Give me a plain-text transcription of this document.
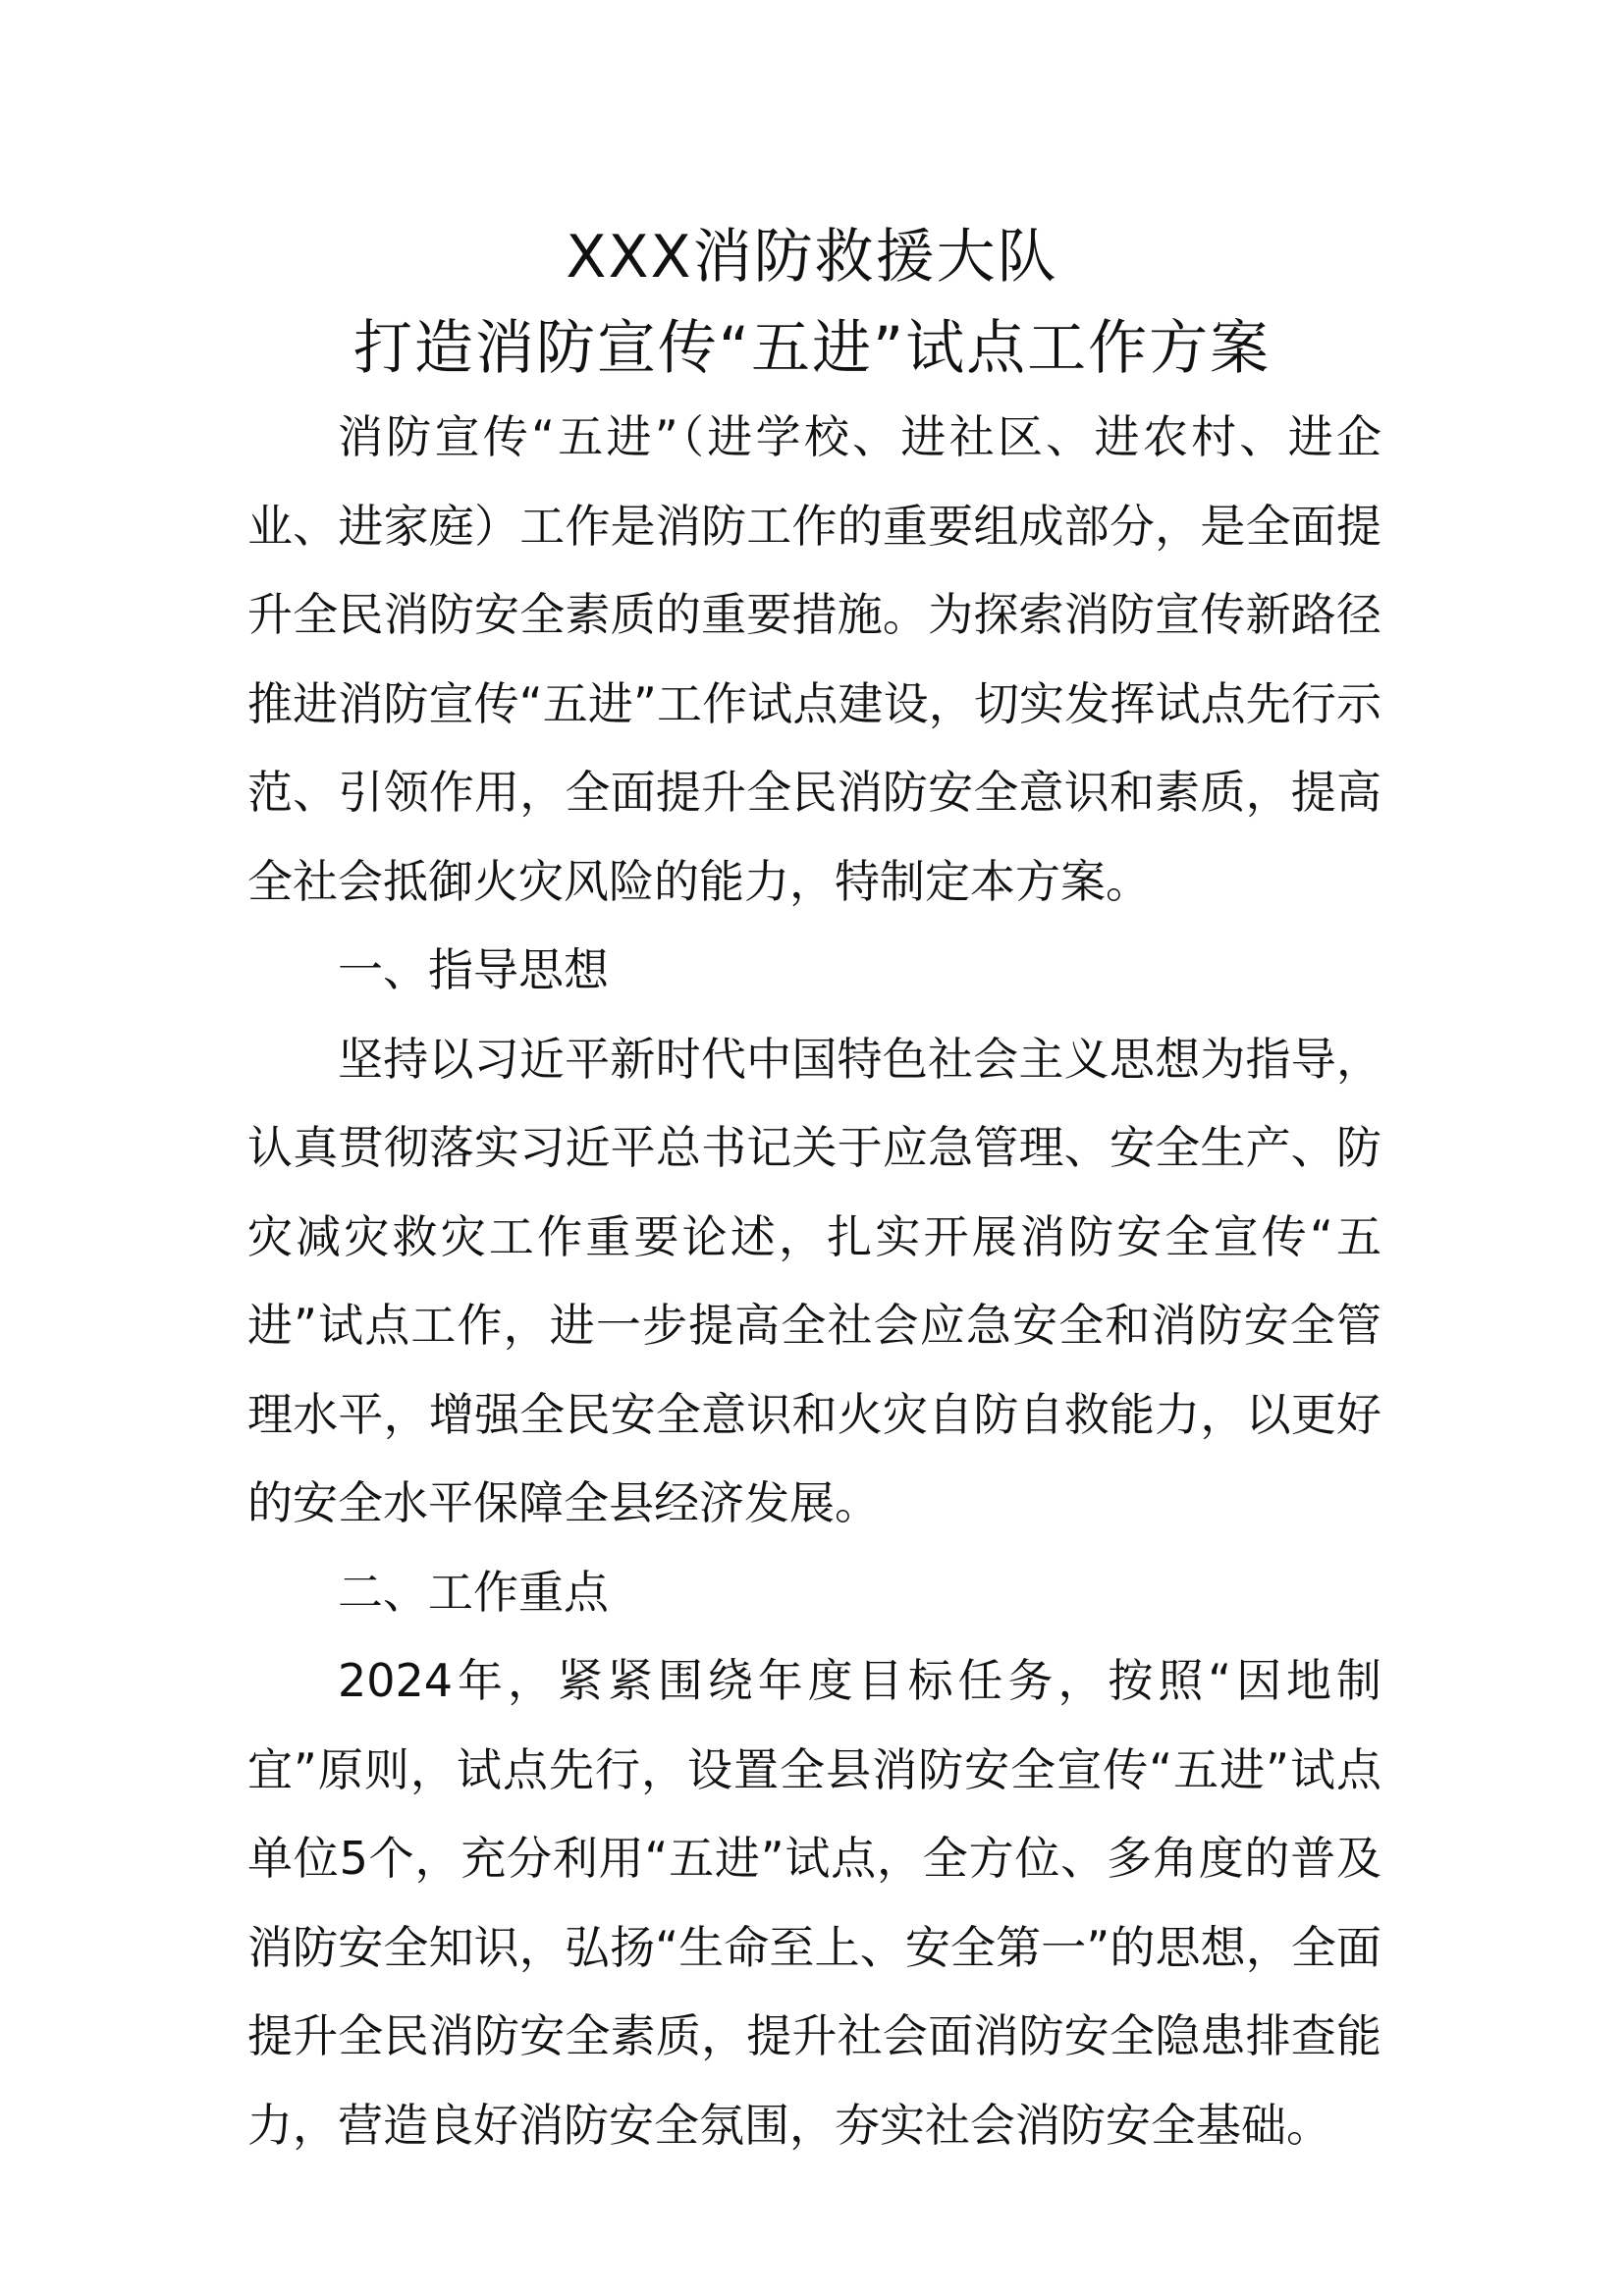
XXX消防救援大队
打造消防宣传“五进”试点工作方案

消防宣传“五进”（进学校、进社区、进农村、进企业、进家庭）工作是消防工作的重要组成部分，是全面提升全民消防安全素质的重要措施。为探索消防宣传新路径推进消防宣传“五进”工作试点建设，切实发挥试点先行示范、引领作用，全面提升全民消防安全意识和素质，提高全社会抵御火灾风险的能力，特制定本方案。

一、指导思想

坚持以习近平新时代中国特色社会主义思想为指导，认真贯彻落实习近平总书记关于应急管理、安全生产、防灾减灾救灾工作重要论述，扎实开展消防安全宣传“五进”试点工作，进一步提高全社会应急安全和消防安全管理水平，增强全民安全意识和火灾自防自救能力，以更好的安全水平保障全县经济发展。

二、工作重点

2024年，紧紧围绕年度目标任务，按照“因地制宜”原则，试点先行，设置全县消防安全宣传“五进”试点单位5个，充分利用“五进”试点，全方位、多角度的普及消防安全知识，弘扬“生命至上、安全第一”的思想，全面提升全民消防安全素质，提升社会面消防安全隐患排查能力，营造良好消防安全氛围，夯实社会消防安全基础。
